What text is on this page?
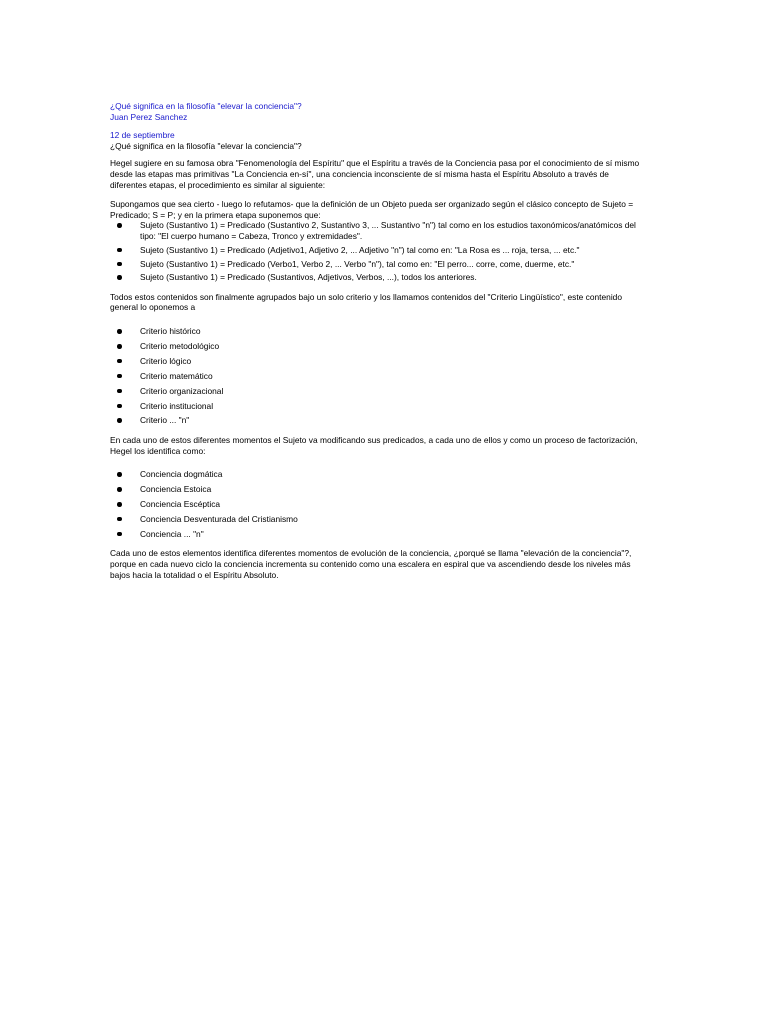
¿Qué significa en la filosofía "elevar la conciencia"?

Juan Perez Sanchez

12 de septiembre

¿Qué significa en la filosofía "elevar la conciencia"?

Hegel sugiere en su famosa obra "Fenomenología del Espíritu" que el Espíritu a través de la Conciencia pasa por el conocimiento de sí mismo desde las etapas mas primitivas "La Conciencia en-sí", una conciencia inconsciente de sí misma hasta el Espíritu Absoluto a través de diferentes etapas, el procedimiento es similar al siguiente:

Supongamos que sea cierto - luego lo refutamos- que la definición de un Objeto pueda ser organizado según el clásico concepto de Sujeto = Predicado; S = P; y en la primera etapa suponemos que:

Sujeto (Sustantivo 1) = Predicado (Sustantivo 2, Sustantivo 3, ... Sustantivo "n") tal como en los estudios taxonómicos/anatómicos del tipo: "El cuerpo humano = Cabeza, Tronco y extremidades".
Sujeto (Sustantivo 1) = Predicado (Adjetivo1, Adjetivo 2, ... Adjetivo "n") tal como en: "La Rosa es ... roja, tersa, ... etc."
Sujeto (Sustantivo 1) = Predicado (Verbo1, Verbo 2, ... Verbo "n"), tal como en: "El perro... corre, come, duerme, etc."
Sujeto (Sustantivo 1) = Predicado (Sustantivos, Adjetivos, Verbos, ...), todos los anteriores.

Todos estos contenidos son finalmente agrupados bajo un solo criterio y los llamamos contenidos del "Criterio Lingüístico", este contenido general lo oponemos a

Criterio histórico
Criterio metodológico
Criterio lógico
Criterio matemático
Criterio organizacional
Criterio institucional
Criterio ... "n"

En cada uno de estos diferentes momentos el Sujeto va modificando sus predicados, a cada uno de ellos y como un proceso de factorización, Hegel los identifica como:

Conciencia dogmática
Conciencia Estoica
Conciencia Escéptica
Conciencia Desventurada del Cristianismo
Conciencia ... "n"

Cada uno de estos elementos identifica diferentes momentos de evolución de la conciencia, ¿porqué se llama "elevación de la conciencia"?, porque en cada nuevo ciclo la conciencia incrementa su contenido como una escalera en espiral que va ascendiendo desde los niveles más bajos hacia la totalidad o el Espíritu Absoluto.
